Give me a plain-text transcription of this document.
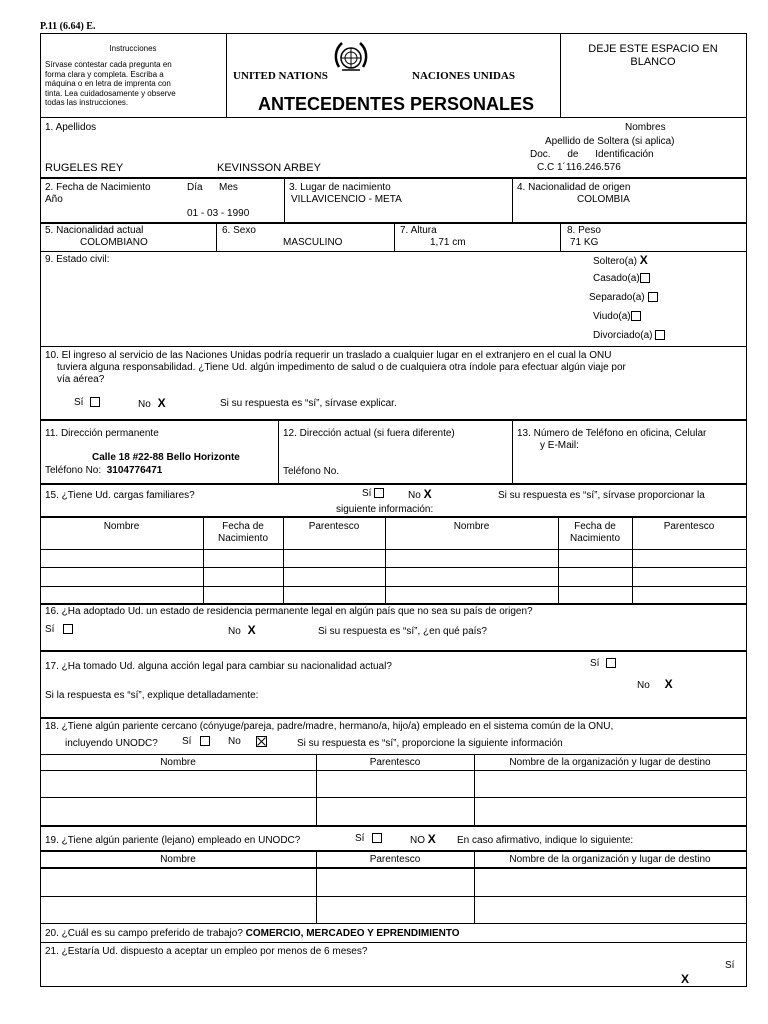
P.11 (6.64) E.
Instrucciones
Sírvase contestar cada pregunta en
forma clara y completa. Escriba a
máquina o en letra de imprenta con
tinta. Lea cuidadosamente y observe
todas las instrucciones.
UNITED NATIONS	NACIONES UNIDAS
ANTECEDENTES PERSONALES
DEJE ESTE ESPACIO EN
BLANCO
1. Apellidos	Nombres
Apellido de Soltera (si aplica)
Doc. de Identificación
RUGELES REY	KEVINSSON ARBEY	C.C 1´116.246.576
2. Fecha de Nacimiento	Día Mes
Año
01 - 03 - 1990
3. Lugar de nacimiento
VILLAVICENCIO - META
4. Nacionalidad de origen
COLOMBIA
5. Nacionalidad actual
COLOMBIANO
6. Sexo
MASCULINO
7. Altura
1,71 cm
8. Peso
71 KG
9. Estado civil:	Soltero(a) X
Casado(a)
Separado(a)
Viudo(a)
Divorciado(a)
10. El ingreso al servicio de las Naciones Unidas podría requerir un traslado a cualquier lugar en el extranjero en el cual la ONU
tuviera alguna responsabilidad. ¿Tiene Ud. algún impedimento de salud o de cualquiera otra índole para efectuar algún viaje por
vía aérea?
Sí	No X	Si su respuesta es “sí”, sírvase explicar.
11. Dirección permanente
Calle 18 #22-88 Bello Horizonte
Teléfono No: 3104776471
12. Dirección actual (si fuera diferente)
Teléfono No.
13. Número de Teléfono en oficina, Celular
y E-Mail:
15. ¿Tiene Ud. cargas familiares?	Sí	No X	Si su respuesta es “sí”, sírvase proporcionar la
siguiente información:
Nombre	Fecha de
Nacimiento
Parentesco	Nombre	Fecha de
Nacimiento
Parentesco
16. ¿Ha adoptado Ud. un estado de residencia permanente legal en algún país que no sea su país de origen?
Sí	No X	Si su respuesta es “sí”, ¿en qué país?
17. ¿Ha tomado Ud. alguna acción legal para cambiar su nacionalidad actual?	Sí
No X
Si la respuesta es “sí”, explique detalladamente:
18. ¿Tiene algún pariente cercano (cónyuge/pareja, padre/madre, hermano/a, hijo/a) empleado en el sistema común de la ONU,
incluyendo UNODC? Sí	No	Si su respuesta es “sí”, proporcione la siguiente información
Nombre	Parentesco	Nombre de la organización y lugar de destino
19. ¿Tiene algún pariente (lejano) empleado en UNODC?	Sí	NO X En caso afirmativo, indique lo siguiente:
Nombre	Parentesco	Nombre de la organización y lugar de destino
20. ¿Cuál es su campo preferido de trabajo? COMERCIO, MERCADEO Y EPRENDIMIENTO
21. ¿Estaría Ud. dispuesto a aceptar un empleo por menos de 6 meses?
Sí
X
